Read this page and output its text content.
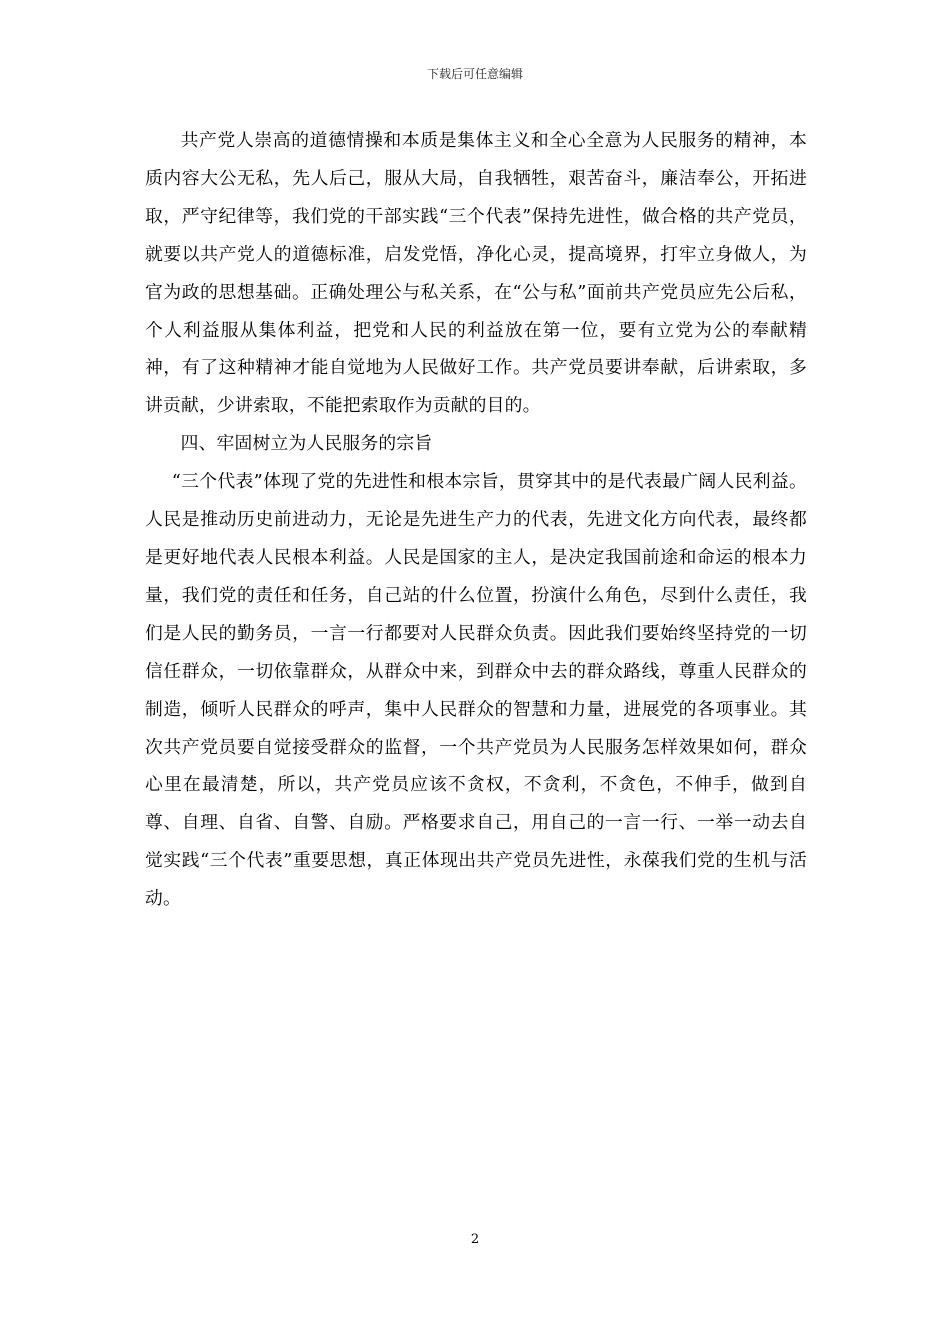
下载后可任意编辑

共产党人崇高的道德情操和本质是集体主义和全心全意为人民服务的精神，本质内容大公无私，先人后己，服从大局，自我牺牲，艰苦奋斗，廉洁奉公，开拓进取，严守纪律等，我们党的干部实践“三个代表”保持先进性，做合格的共产党员，就要以共产党人的道德标准，启发党悟，净化心灵，提高境界，打牢立身做人，为官为政的思想基础。正确处理公与私关系，在“公与私”面前共产党员应先公后私，个人利益服从集体利益，把党和人民的利益放在第一位，要有立党为公的奉献精神，有了这种精神才能自觉地为人民做好工作。共产党员要讲奉献，后讲索取，多讲贡献，少讲索取，不能把索取作为贡献的目的。

四、牢固树立为人民服务的宗旨

“三个代表”体现了党的先进性和根本宗旨，贯穿其中的是代表最广阔人民利益。人民是推动历史前进动力，无论是先进生产力的代表，先进文化方向代表，最终都是更好地代表人民根本利益。人民是国家的主人，是决定我国前途和命运的根本力量，我们党的责任和任务，自己站的什么位置，扮演什么角色，尽到什么责任，我们是人民的勤务员，一言一行都要对人民群众负责。因此我们要始终坚持党的一切信任群众，一切依靠群众，从群众中来，到群众中去的群众路线，尊重人民群众的制造，倾听人民群众的呼声，集中人民群众的智慧和力量，进展党的各项事业。其次共产党员要自觉接受群众的监督，一个共产党员为人民服务怎样效果如何，群众心里在最清楚，所以，共产党员应该不贪权，不贪利，不贪色，不伸手，做到自尊、自理、自省、自警、自励。严格要求自己，用自己的一言一行、一举一动去自觉实践“三个代表”重要思想，真正体现出共产党员先进性，永葆我们党的生机与活动。

2
